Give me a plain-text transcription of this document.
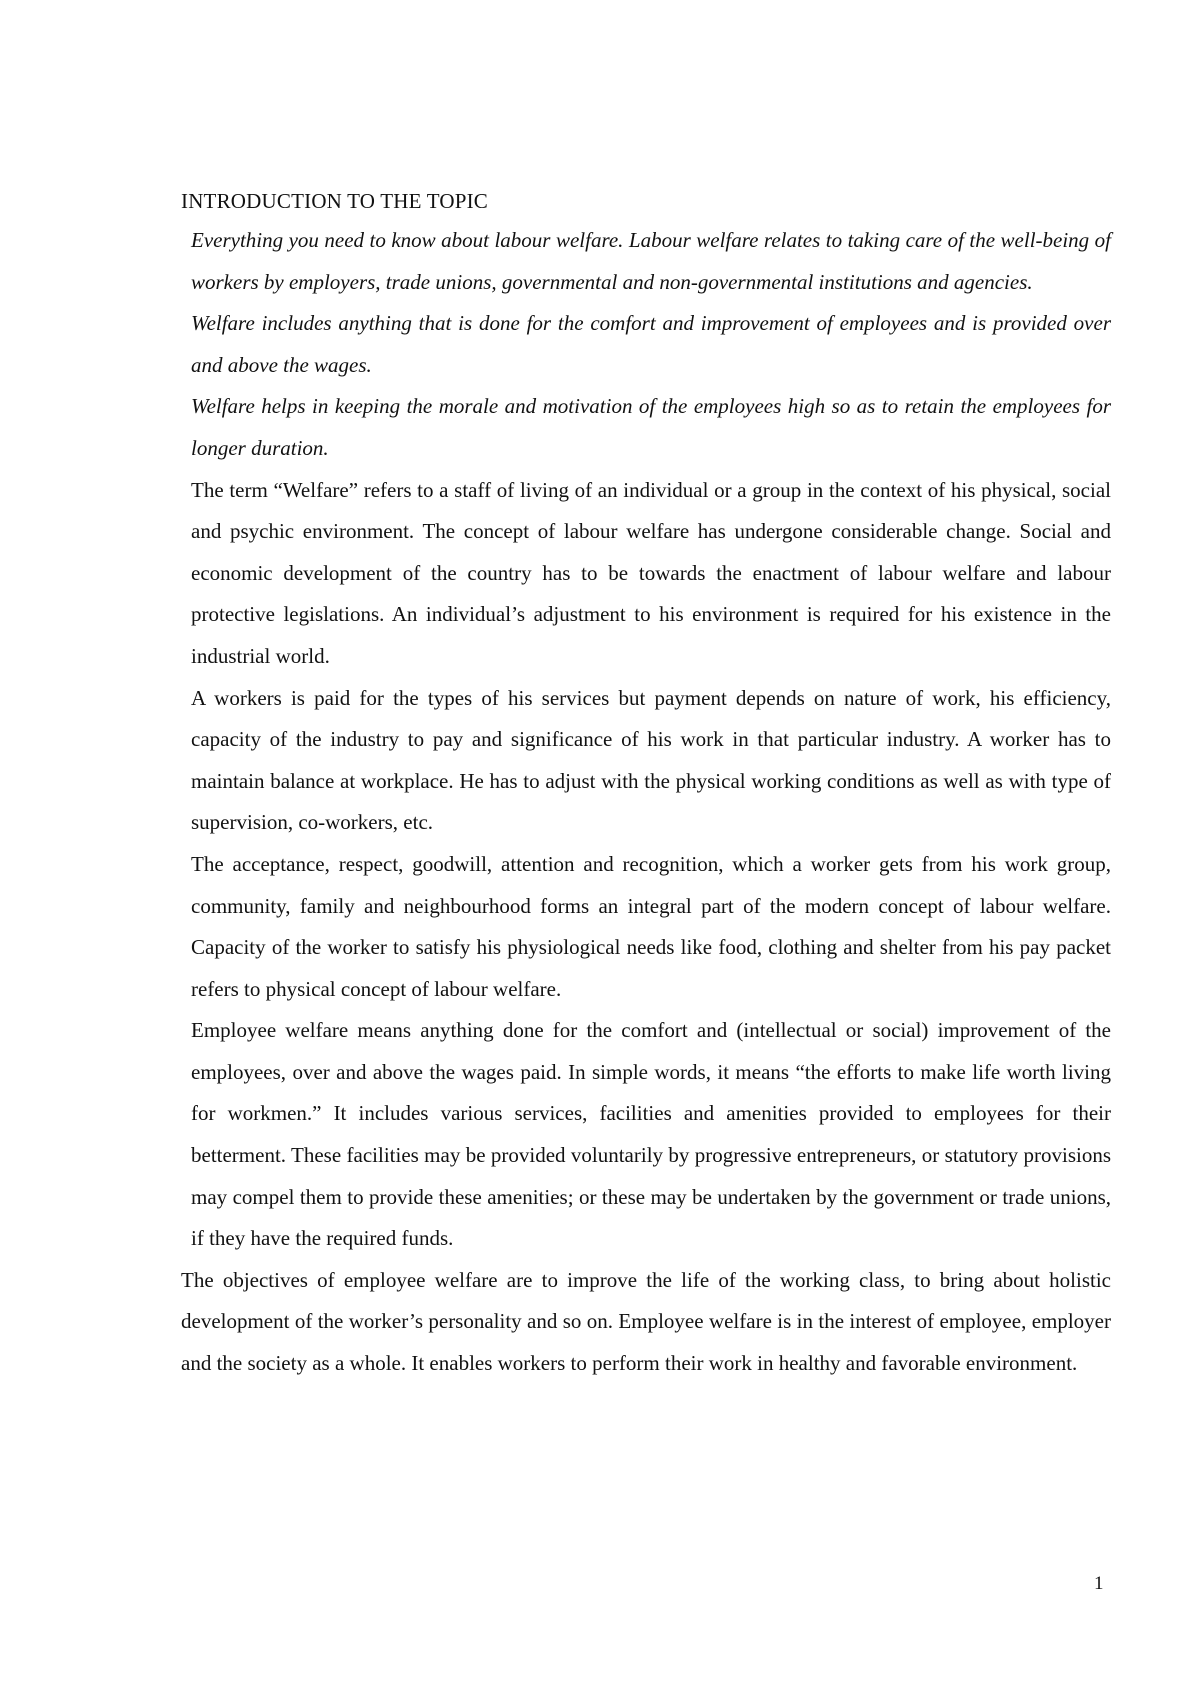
INTRODUCTION TO THE TOPIC

Everything you need to know about labour welfare. Labour welfare relates to taking care of the well-being of workers by employers, trade unions, governmental and non-governmental institutions and agencies.

Welfare includes anything that is done for the comfort and improvement of employees and is provided over and above the wages.

Welfare helps in keeping the morale and motivation of the employees high so as to retain the employees for longer duration.

The term “Welfare” refers to a staff of living of an individual or a group in the context of his physical, social and psychic environment. The concept of labour welfare has undergone considerable change. Social and economic development of the country has to be towards the enactment of labour welfare and labour protective legislations. An individual’s adjustment to his environment is required for his existence in the industrial world.

A workers is paid for the types of his services but payment depends on nature of work, his efficiency, capacity of the industry to pay and significance of his work in that particular industry. A worker has to maintain balance at workplace. He has to adjust with the physical working conditions as well as with type of supervision, co-workers, etc.

The acceptance, respect, goodwill, attention and recognition, which a worker gets from his work group, community, family and neighbourhood forms an integral part of the modern concept of labour welfare. Capacity of the worker to satisfy his physiological needs like food, clothing and shelter from his pay packet refers to physical concept of labour welfare.

Employee welfare means anything done for the comfort and (intellectual or social) improvement of the employees, over and above the wages paid. In simple words, it means “the efforts to make life worth living for workmen.” It includes various services, facilities and amenities provided to employees for their betterment. These facilities may be provided voluntarily by progressive entrepreneurs, or statutory provisions may compel them to provide these amenities; or these may be undertaken by the government or trade unions, if they have the required funds.

The objectives of employee welfare are to improve the life of the working class, to bring about holistic development of the worker’s personality and so on. Employee welfare is in the interest of employee, employer and the society as a whole. It enables workers to perform their work in healthy and favorable environment.

1
